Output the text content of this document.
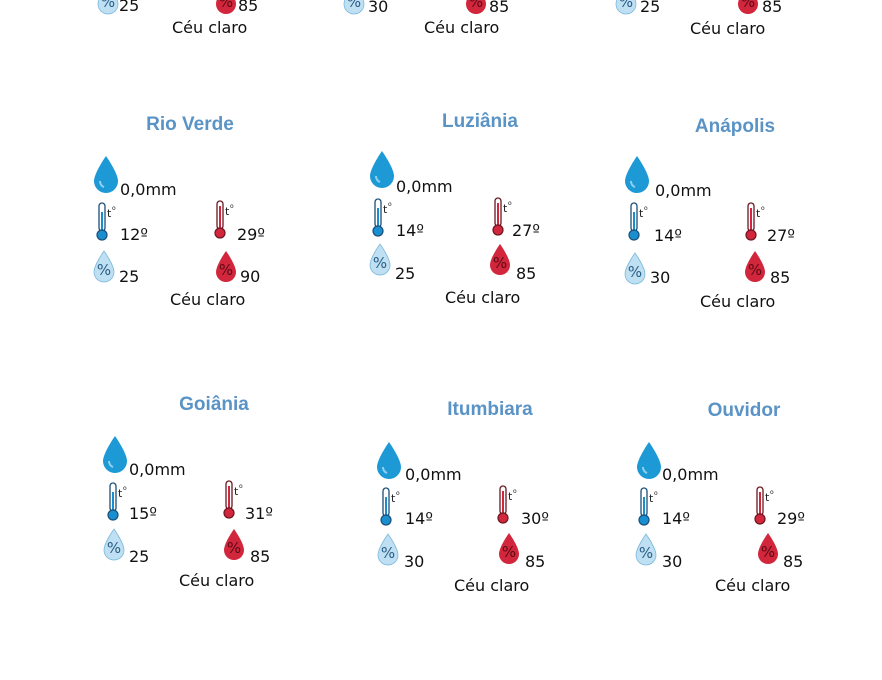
25	85
Céu claro
30	85
Céu claro
25	85
Céu claro
Rio Verde
0,0mm
12º	29º
25	90
Céu claro
Luziânia
0,0mm
14º	27º
25	85
Céu claro
Anápolis
0,0mm
14º	27º
30	85
Céu claro
Goiânia
0,0mm
15º	31º
25	85
Céu claro
Itumbiara
0,0mm
14º	30º
30	85
Céu claro
Ouvidor
0,0mm
14º	29º
30	85
Céu claro
